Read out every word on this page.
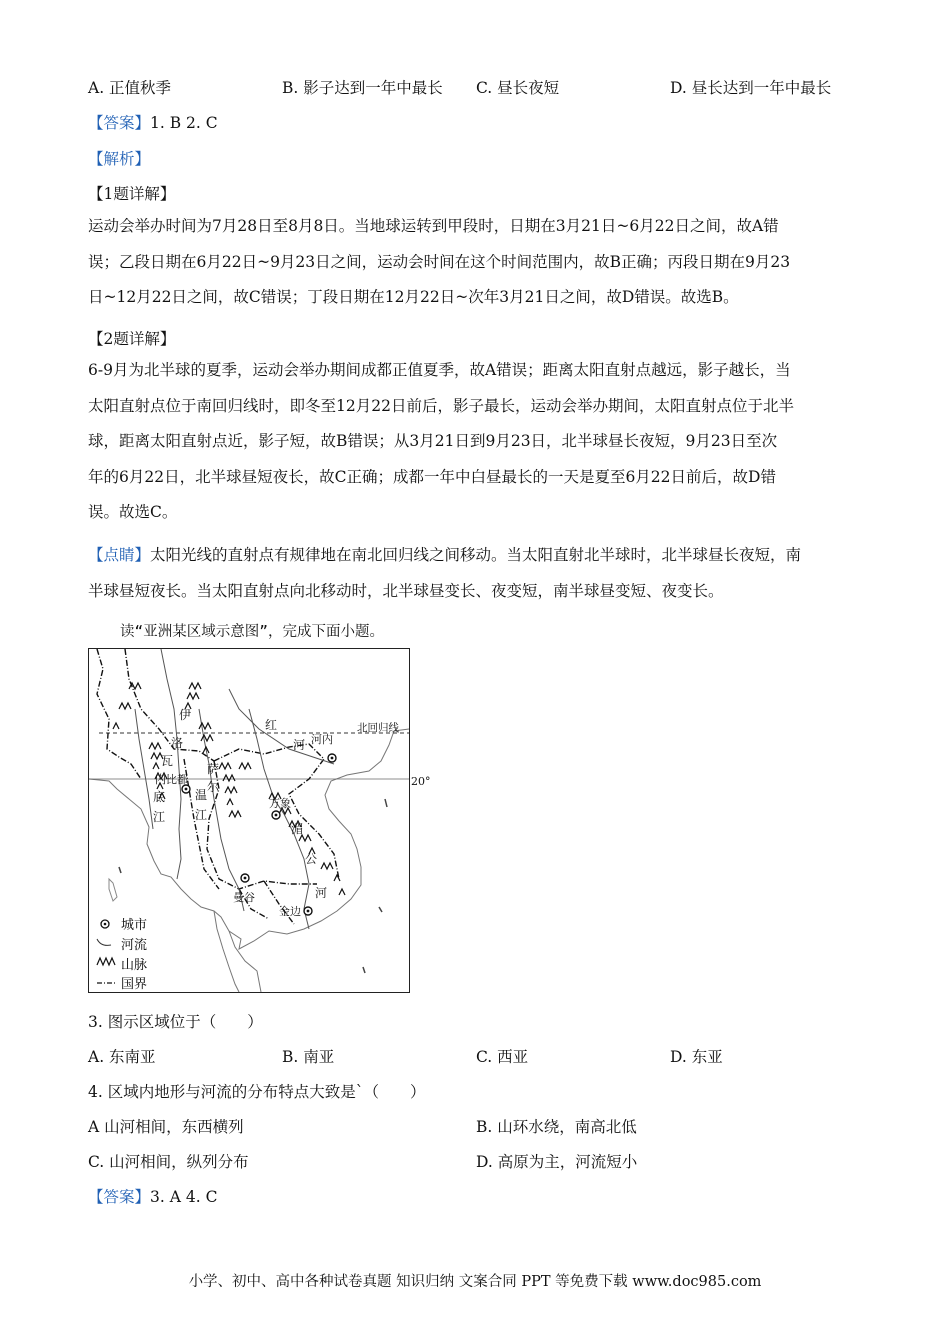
A. 正值秋季	B. 影子达到一年中最长 C. 昼长夜短	D. 昼长达到一年中最长
【答案】1. B 2. C
【解析】
【1题详解】
运动会举办时间为7月28日至8月8日。当地球运转到甲段时，日期在3月21日~6月22日之间，故A错
误；乙段日期在6月22日~9月23日之间，运动会时间在这个时间范围内，故B正确；丙段日期在9月23
日~12月22日之间，故C错误；丁段日期在12月22日~次年3月21日之间，故D错误。故选B。
【2题详解】
6-9月为北半球的夏季，运动会举办期间成都正值夏季，故A错误；距离太阳直射点越远，影子越长，当
太阳直射点位于南回归线时，即冬至12月22日前后，影子最长，运动会举办期间，太阳直射点位于北半
球，距离太阳直射点近，影子短，故B错误；从3月21日到9月23日，北半球昼长夜短，9月23日至次
年的6月22日，北半球昼短夜长，故C正确；成都一年中白昼最长的一天是夏至6月22日前后，故D错
误。故选C。
【点睛】太阳光线的直射点有规律地在南北回归线之间移动。当太阳直射北半球时，北半球昼长夜短，南
半球昼短夜长。当太阳直射点向北移动时，北半球昼变长、夜变短，南半球昼变短、夜变长。
读“亚洲某区域示意图”，完成下面小题。
北回归线
20°
红
河 河内
伊
洛
瓦
内比都
底
江
萨
尔
温
江
万象
湄
公
河
曼谷
金边
城市
河流
山脉
国界
3. 图示区域位于（　　）
A. 东南亚	B. 南亚	C. 西亚	D. 东亚
4. 区域内地形与河流的分布特点大致是`（　　）
A 山河相间，东西横列	B. 山环水绕，南高北低
C. 山河相间，纵列分布	D. 高原为主，河流短小
【答案】3. A 4. C
小学、初中、高中各种试卷真题 知识归纳 文案合同 PPT 等免费下载 www.doc985.com
